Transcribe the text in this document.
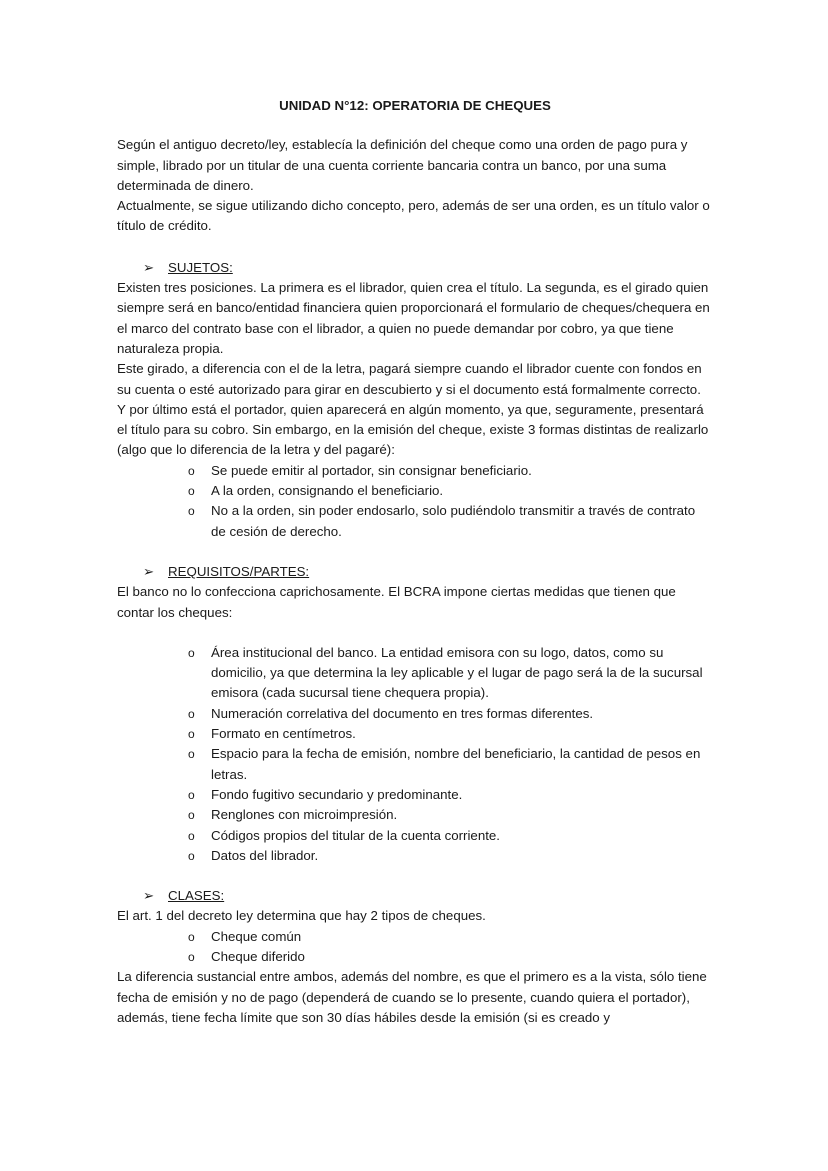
UNIDAD N°12: OPERATORIA DE CHEQUES

Según el antiguo decreto/ley, establecía la definición del cheque como una orden de pago pura y simple, librado por un titular de una cuenta corriente bancaria contra un banco, por una suma determinada de dinero.

Actualmente, se sigue utilizando dicho concepto, pero, además de ser una orden, es un título valor o título de crédito.

➢ SUJETOS:

Existen tres posiciones. La primera es el librador, quien crea el título. La segunda, es el girado quien siempre será en banco/entidad financiera quien proporcionará el formulario de cheques/chequera en el marco del contrato base con el librador, a quien no puede demandar por cobro, ya que tiene naturaleza propia.

Este girado, a diferencia con el de la letra, pagará siempre cuando el librador cuente con fondos en su cuenta o esté autorizado para girar en descubierto y si el documento está formalmente correcto.

Y por último está el portador, quien aparecerá en algún momento, ya que, seguramente, presentará el título para su cobro. Sin embargo, en la emisión del cheque, existe 3 formas distintas de realizarlo (algo que lo diferencia de la letra y del pagaré):

o Se puede emitir al portador, sin consignar beneficiario.
o A la orden, consignando el beneficiario.
o No a la orden, sin poder endosarlo, solo pudiéndolo transmitir a través de contrato de cesión de derecho.
➢ REQUISITOS/PARTES:

El banco no lo confecciona caprichosamente. El BCRA impone ciertas medidas que tienen que contar los cheques:

o Área institucional del banco. La entidad emisora con su logo, datos, como su domicilio, ya que determina la ley aplicable y el lugar de pago será la de la sucursal emisora (cada sucursal tiene chequera propia).
o Numeración correlativa del documento en tres formas diferentes.
o Formato en centímetros.
o Espacio para la fecha de emisión, nombre del beneficiario, la cantidad de pesos en letras.
o Fondo fugitivo secundario y predominante.
o Renglones con microimpresión.
o Códigos propios del titular de la cuenta corriente.
o Datos del librador.
➢ CLASES:

El art. 1 del decreto ley determina que hay 2 tipos de cheques.

o Cheque común
o Cheque diferido

La diferencia sustancial entre ambos, además del nombre, es que el primero es a la vista, sólo tiene fecha de emisión y no de pago (dependerá de cuando se lo presente, cuando quiera el portador), además, tiene fecha límite que son 30 días hábiles desde la emisión (si es creado y
